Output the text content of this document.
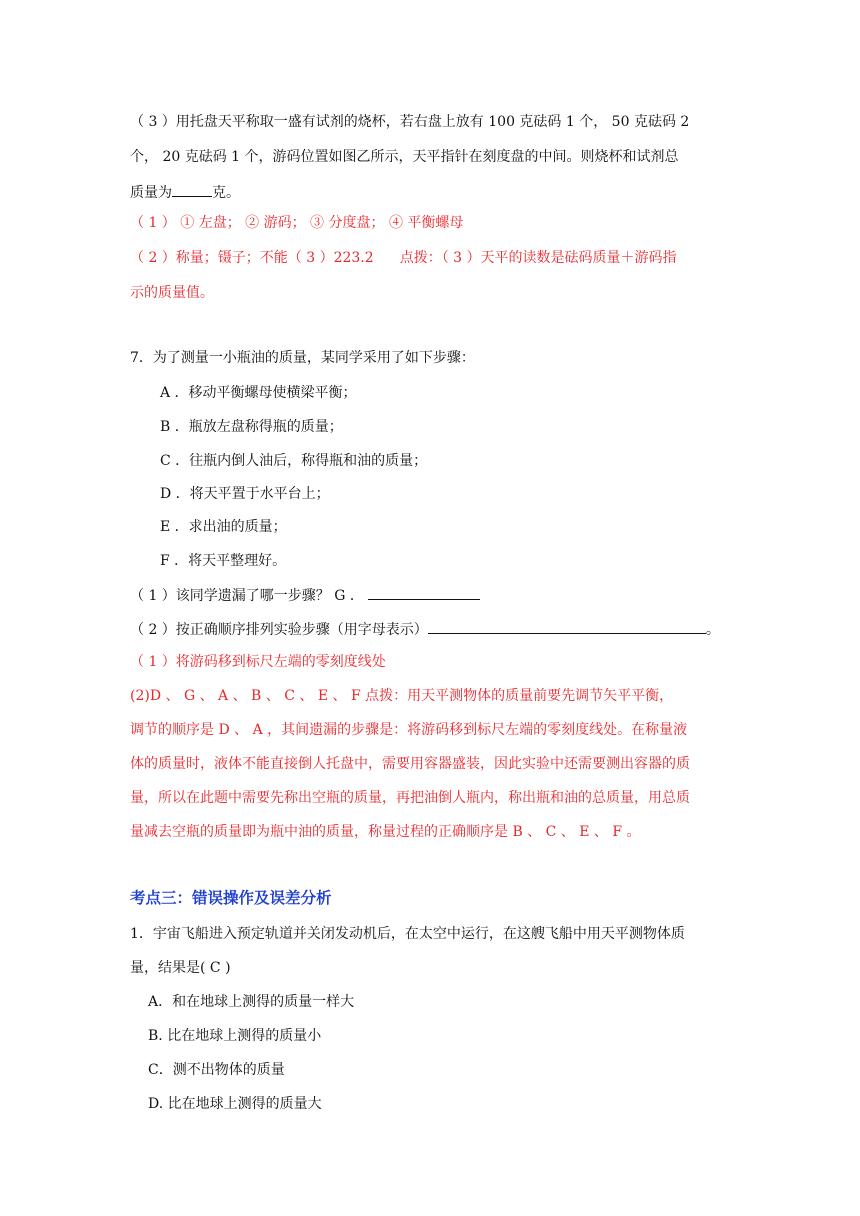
（ 3 ）用托盘天平称取一盛有试剂的烧杯，若右盘上放有 100 克砝码 1 个， 50 克砝码 2
个， 20 克砝码 1 个，游码位置如图乙所示，天平指针在刻度盘的中间。则烧杯和试剂总
质量为	克。
（ 1 ） ① 左盘； ② 游码； ③ 分度盘； ④ 平衡螺母
（ 2 ）称量；镊子；不能（ 3 ）223.2 点拨：（ 3 ）天平的读数是砝码质量＋游码指
示的质量值。
7．为了测量一小瓶油的质量，某同学采用了如下步骤：
A ．移动平衡螺母使横梁平衡；
B ．瓶放左盘称得瓶的质量；
C ．往瓶内倒人油后，称得瓶和油的质量；
D ．将天平置于水平台上；
E ．求出油的质量；
F ．将天平整理好。
（ 1 ）该同学遗漏了哪一步骤？ G ．
（ 2 ）按正确顺序排列实验步骤（用字母表示）	。
（ 1 ）将游码移到标尺左端的零刻度线处
(2)D 、 G 、 A 、 B 、 C 、 E 、 F 点拨：用天平测物体的质量前要先调节矢平平衡，
调节的顺序是 D 、 A ，其间遗漏的步骤是：将游码移到标尺左端的零刻度线处。在称量液
体的质量时，液体不能直接倒人托盘中，需要用容器盛装，因此实验中还需要测出容器的质
量，所以在此题中需要先称出空瓶的质量，再把油倒人瓶内，称出瓶和油的总质量，用总质
量减去空瓶的质量即为瓶中油的质量，称量过程的正确顺序是 B 、 C 、 E 、 F 。
考点三：错误操作及误差分析
1．宇宙飞船进入预定轨道并关闭发动机后，在太空中运行，在这艘飞船中用天平测物体质
量，结果是( C )
A．和在地球上测得的质量一样大
B. 比在地球上测得的质量小
C．测不出物体的质量
D. 比在地球上测得的质量大
